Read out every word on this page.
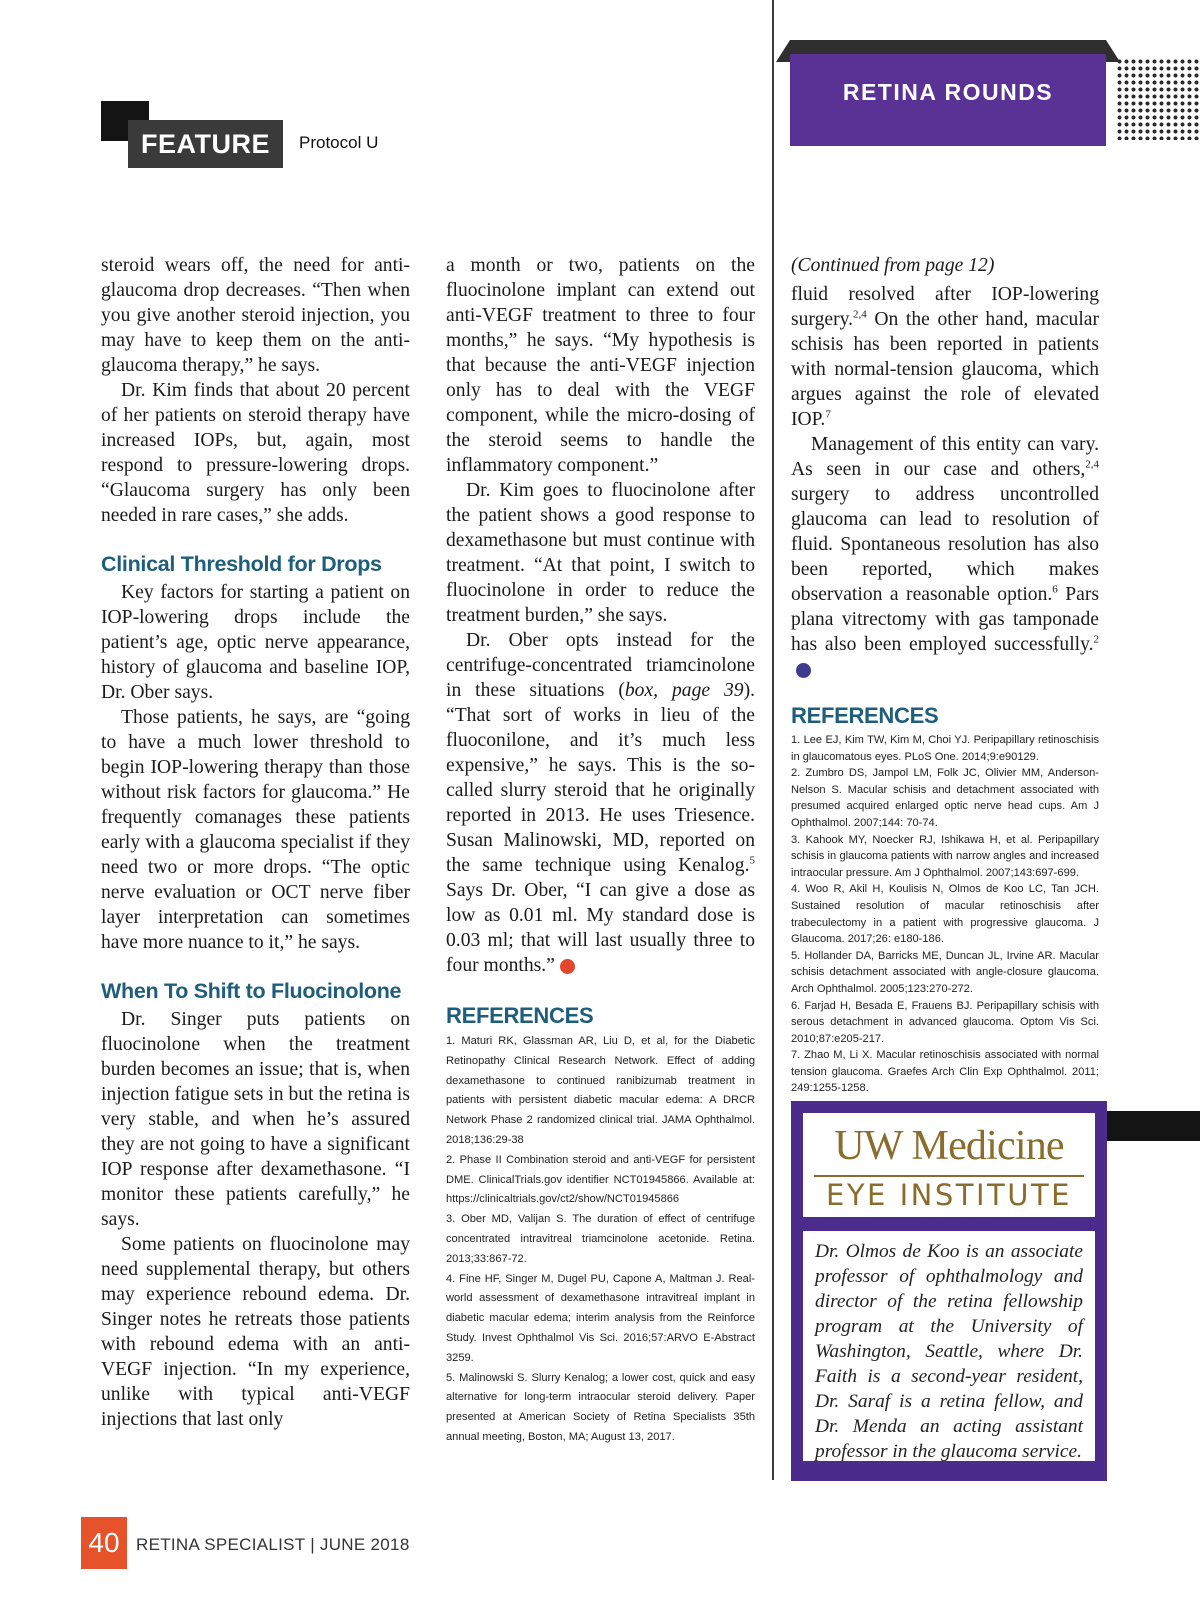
FEATURE	Protocol U
RETINA ROUNDS

steroid wears off, the need for anti-glaucoma drop decreases. “Then when you give another steroid injection, you may have to keep them on the anti-glaucoma therapy,” he says.

Dr. Kim finds that about 20 percent of her patients on steroid therapy have increased IOPs, but, again, most respond to pressure-lowering drops. “Glaucoma surgery has only been needed in rare cases,” she adds.

Clinical Threshold for Drops

Key factors for starting a patient on IOP-lowering drops include the patient’s age, optic nerve appearance, history of glaucoma and baseline IOP, Dr. Ober says.

Those patients, he says, are “going to have a much lower threshold to begin IOP-lowering therapy than those without risk factors for glaucoma.” He frequently comanages these patients early with a glaucoma specialist if they need two or more drops. “The optic nerve evaluation or OCT nerve fiber layer interpretation can sometimes have more nuance to it,” he says.

When To Shift to Fluocinolone

Dr. Singer puts patients on fluocinolone when the treatment burden becomes an issue; that is, when injection fatigue sets in but the retina is very stable, and when he’s assured they are not going to have a significant IOP response after dexamethasone. “I monitor these patients carefully,” he says.

Some patients on fluocinolone may need supplemental therapy, but others may experience rebound edema. Dr. Singer notes he retreats those patients with rebound edema with an anti-VEGF injection. “In my experience, unlike with typical anti-VEGF injections that last only

a month or two, patients on the fluocinolone implant can extend out anti-VEGF treatment to three to four months,” he says. “My hypothesis is that because the anti-VEGF injection only has to deal with the VEGF component, while the micro-dosing of the steroid seems to handle the inflammatory component.”

Dr. Kim goes to fluocinolone after the patient shows a good response to dexamethasone but must continue with treatment. “At that point, I switch to fluocinolone in order to reduce the treatment burden,” she says.

Dr. Ober opts instead for the centrifuge-concentrated triamcinolone in these situations (box, page 39). “That sort of works in lieu of the fluoconilone, and it’s much less expensive,” he says. This is the so-called slurry steroid that he originally reported in 2013. He uses Triesence. Susan Malinowski, MD, reported on the same technique using Kenalog.$^5$ Says Dr. Ober, “I can give a dose as low as 0.01 ml. My standard dose is 0.03 ml; that will last usually three to four months.”	RS

REFERENCES
1. Maturi RK, Glassman AR, Liu D, et al, for the Diabetic Retinopathy Clinical Research Network. Effect of adding dexamethasone to continued ranibizumab treatment in patients with persistent diabetic macular edema: A DRCR Network Phase 2 randomized clinical trial. JAMA Ophthalmol. 2018;136:29-38
2. Phase II Combination steroid and anti-VEGF for persistent DME. ClinicalTrials.gov identifier NCT01945866. Available at: https://clinicaltrials.gov/ct2/show/NCT01945866
3. Ober MD, Valijan S. The duration of effect of centrifuge concentrated intravitreal triamcinolone acetonide. Retina. 2013;33:867-72.
4. Fine HF, Singer M, Dugel PU, Capone A, Maltman J. Real-world assessment of dexamethasone intravitreal implant in diabetic macular edema; interim analysis from the Reinforce Study. Invest Ophthalmol Vis Sci. 2016;57:ARVO E-Abstract 3259.
5. Malinowski S. Slurry Kenalog; a lower cost, quick and easy alternative for long-term intraocular steroid delivery. Paper presented at American Society of Retina Specialists 35th annual meeting, Boston, MA; August 13, 2017.

(Continued from page 12)

fluid resolved after IOP-lowering surgery.$^{2,4}$ On the other hand, macular schisis has been reported in patients with normal-tension glaucoma, which argues against the role of elevated IOP.$^7$

Management of this entity can vary. As seen in our case and others,$^{2,4}$ surgery to address uncontrolled glaucoma can lead to resolution of fluid. Spontaneous resolution has also been reported, which makes observation a reasonable option.$^6$ Pars plana vitrectomy with gas tamponade has also been employed successfully.$^2$RS

REFERENCES
1. Lee EJ, Kim TW, Kim M, Choi YJ. Peripapillary retinoschisis in glaucomatous eyes. PLoS One. 2014;9:e90129.
2. Zumbro DS, Jampol LM, Folk JC, Olivier MM, Anderson-Nelson S. Macular schisis and detachment associated with presumed acquired enlarged optic nerve head cups. Am J Ophthalmol. 2007;144: 70-74.
3. Kahook MY, Noecker RJ, Ishikawa H, et al. Peripapillary schisis in glaucoma patients with narrow angles and increased intraocular pressure. Am J Ophthalmol. 2007;143:697-699.
4. Woo R, Akil H, Koulisis N, Olmos de Koo LC, Tan JCH. Sustained resolution of macular retinoschisis after trabeculectomy in a patient with progressive glaucoma. J Glaucoma. 2017;26: e180-186.
5. Hollander DA, Barricks ME, Duncan JL, Irvine AR. Macular schisis detachment associated with angle-closure glaucoma. Arch Ophthalmol. 2005;123:270-272.
6. Farjad H, Besada E, Frauens BJ. Peripapillary schisis with serous detachment in advanced glaucoma. Optom Vis Sci. 2010;87:e205-217.
7. Zhao M, Li X. Macular retinoschisis associated with normal tension glaucoma. Graefes Arch Clin Exp Ophthalmol. 2011; 249:1255-1258.
UW Medicine
EYE INSTITUTE
Dr. Olmos de Koo is an associate professor of ophthalmology and director of the retina fellowship program at the University of Washington, Seattle, where Dr. Faith is a second-year resident, Dr. Saraf is a retina fellow, and Dr. Menda an acting assistant professor in the glaucoma service.
40 RETINA SPECIALIST | JUNE 2018
